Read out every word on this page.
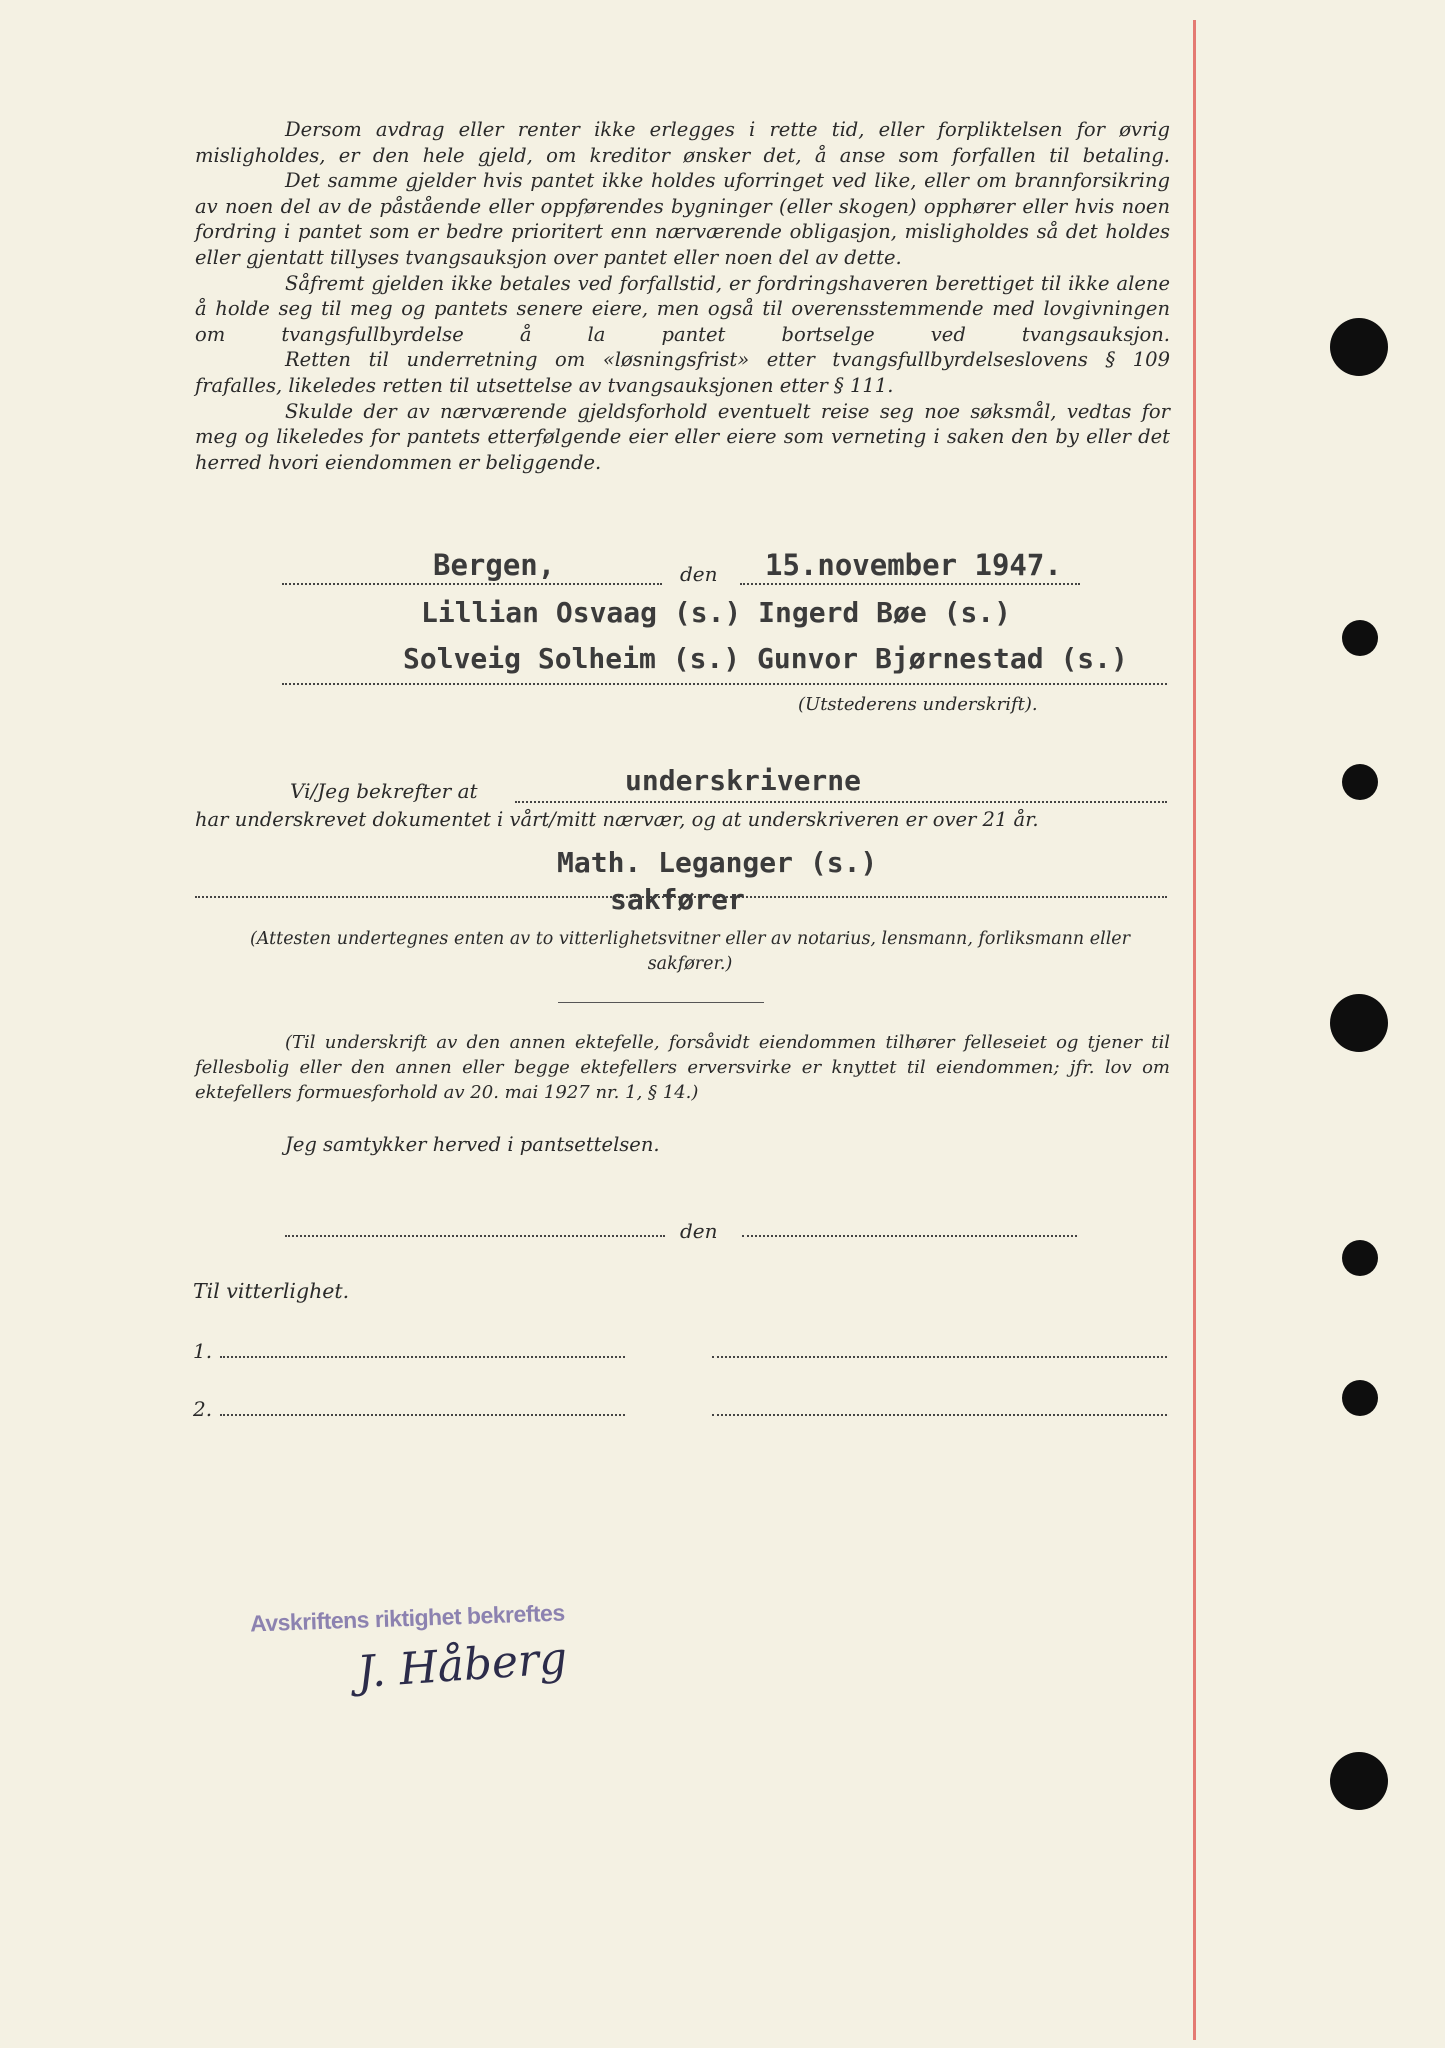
Dersom avdrag eller renter ikke erlegges i rette tid, eller forpliktelsen for øvrig misligholdes, er den hele gjeld, om kreditor ønsker det, å anse som forfallen til betaling.

Det samme gjelder hvis pantet ikke holdes uforringet ved like, eller om brannforsikring av noen del av de påstående eller oppførendes bygninger (eller skogen) opphører eller hvis noen fordring i pantet som er bedre prioritert enn nærværende obligasjon, misligholdes så det holdes eller gjentatt tillyses tvangsauksjon over pantet eller noen del av dette.

Såfremt gjelden ikke betales ved forfallstid, er fordringshaveren berettiget til ikke alene å holde seg til meg og pantets senere eiere, men også til overensstemmende med lovgivningen om tvangsfullbyrdelse å la pantet bortselge ved tvangsauksjon.

Retten til underretning om «løsningsfrist» etter tvangsfullbyrdelseslovens § 109 frafalles, likeledes retten til utsettelse av tvangsauksjonen etter § 111.

Skulde der av nærværende gjeldsforhold eventuelt reise seg noe søksmål, vedtas for meg og likeledes for pantets etterfølgende eier eller eiere som verneting i saken den by eller det herred hvori eiendommen er beliggende.

Bergen,	den 15.november 1947.
Lillian Osvaag (s.) Ingerd Bøe (s.)
Solveig Solheim (s.) Gunvor Bjørnestad (s.)
(Utstederens underskrift).
Vi/Jeg bekrefter at	underskriverne
har underskrevet dokumentet i vårt/mitt nærvær, og at underskriveren er over 21 år.
Math. Leganger (s.)
sakfører
(Attesten undertegnes enten av to vitterlighetsvitner eller av notarius, lensmann, forliksmann eller sakfører.)
(Til underskrift av den annen ektefelle, forsåvidt eiendommen tilhører felleseiet og tjener til fellesbolig eller den annen eller begge ektefellers erversvirke er knyttet til eiendommen; jfr. lov om ektefellers formuesforhold av 20. mai 1927 nr. 1, § 14.)
Jeg samtykker herved i pantsettelsen.
den
Til vitterlighet.
1.
2.
Avskriftens riktighet bekreftes
J. Håberg
